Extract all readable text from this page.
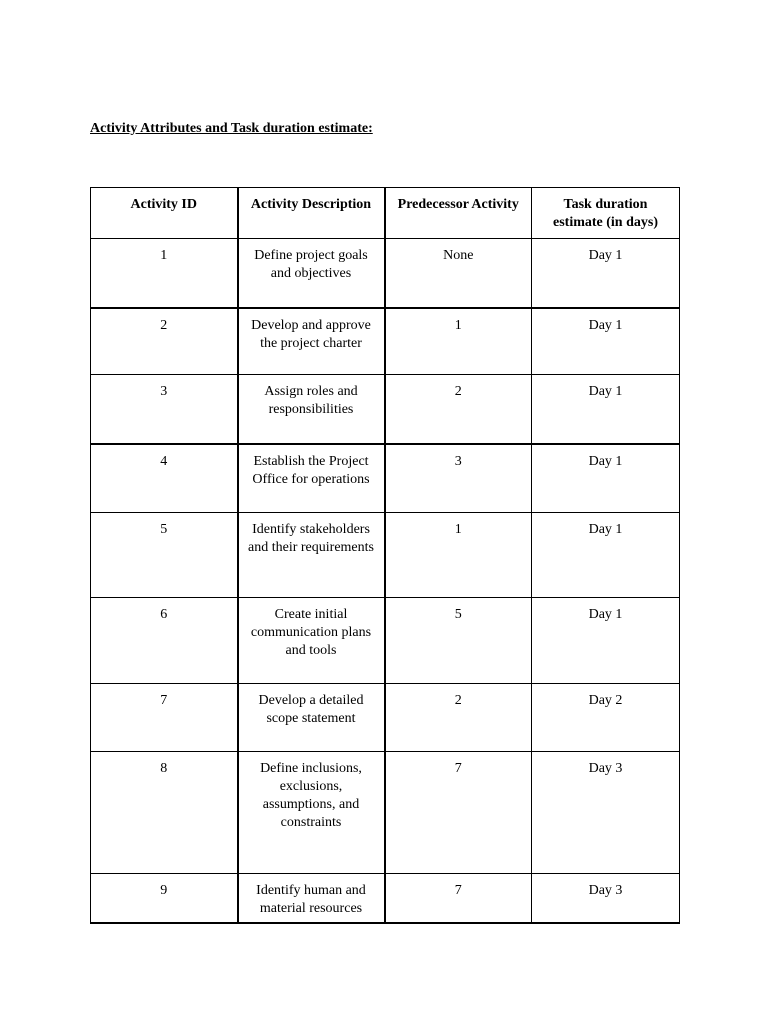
Activity Attributes and Task duration estimate:
Activity ID	Activity Description	Predecessor Activity	Task duration estimate (in days)
1	Define project goals and objectives	None	Day 1
2	Develop and approve the project charter	1	Day 1
3	Assign roles and responsibilities	2	Day 1
4	Establish the Project Office for operations	3	Day 1
5	Identify stakeholders and their requirements	1	Day 1
6	Create initial communication plans and tools	5	Day 1
7	Develop a detailed scope statement	2	Day 2
8	Define inclusions, exclusions, assumptions, and constraints	7	Day 3
9	Identify human and material resources	7	Day 3
